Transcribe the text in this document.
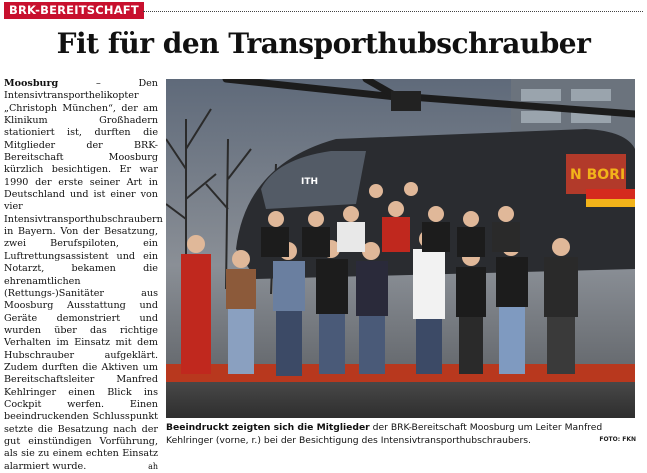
BRK-BEREITSCHAFT
Fit für den Transporthubschrauber
Moosburg – Den Intensivtransporthelikopter „Christoph München“, der am Klinikum Großhadern stationiert ist, durften die Mitglieder der BRK-Bereitschaft Moosburg kürzlich besichtigen. Er war 1990 der erste seiner Art in Deutschland und ist einer von vier Intensivtransporthubschraubern in Bayern. Von der Besatzung, zwei Berufspiloten, ein Luftrettungsassistent und ein Notarzt, bekamen die ehrenamtlichen (Rettungs-)Sanitäter aus Moosburg Ausstattung und Geräte demonstriert und wurden über das richtige Verhalten im Einsatz mit dem Hubschrauber aufgeklärt. Zudem durften die Aktiven um Bereitschaftsleiter Manfred Kehlringer einen Blick ins Cockpit werfen. Einen beeindruckenden Schlusspunkt setzte die Besatzung nach der gut einstündigen Vorführung, als sie zu einem echten Einsatz alarmiert wurde.	ah
N BORI
ITH
Beeindruckt zeigten sich die Mitglieder der BRK-Bereitschaft Moosburg um Leiter Manfred Kehlringer (vorne, r.) bei der Besichtigung des Intensivtransporthubschraubers.	FOTO: FKN
